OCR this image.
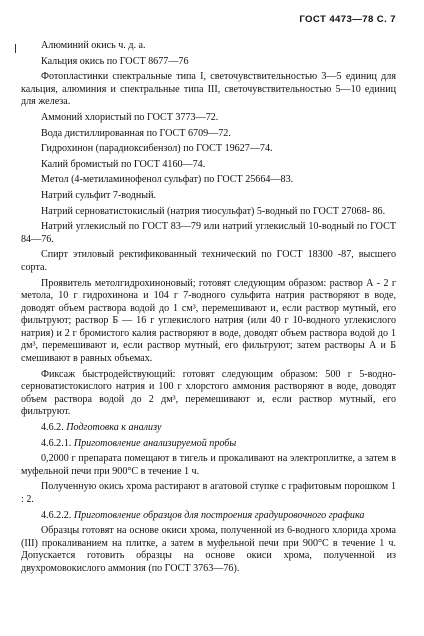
ГОСТ 4473—78 С. 7

Алюминий окись ч. д. а.

Кальция окись по ГОСТ 8677—76

Фотопластинки спектральные типа I, светочувствительностью 3—5 единиц для кальция, алюминия и спектральные типа III, светочувствительностью 5—10 единиц для железа.

Аммоний хлористый по ГОСТ 3773—72.

Вода дистиллированная по ГОСТ 6709—72.

Гидрохинон (парадиоксибензол) по ГОСТ 19627—74.

Калий бромистый по ГОСТ 4160—74.

Метол (4-метиламинофенол сульфат) по ГОСТ 25664—83.

Натрий сульфит 7-водный.

Натрий серноватистокислый (натрия тиосульфат) 5-водный по ГОСТ 27068- 86.

Натрий углекислый по ГОСТ 83—79 или натрий углекислый 10-водный по ГОСТ 84—76.

Спирт этиловый ректификованный технический по ГОСТ 18300 -87, высшего сорта.

Проявитель метолгидрохиноновый; готовят следующим образом: раствор А - 2 г метола, 10 г гидрохинона и 104 г 7-водного сульфита натрия растворяют в воде, доводят объем раствора водой до 1 см³, перемешивают и, если раствор мутный, его фильтруют; раствор Б — 16 г углекислого натрия (или 40 г 10-водного углекислого натрия) и 2 г бромистого калия растворяют в воде, доводят объем раствора водой до 1 дм³, перемешивают и, если раствор мутный, его фильтруют; затем растворы А и Б смешивают в равных объемах.

Фиксаж быстродействующий: готовят следующим образом: 500 г 5-водно-серноватистокислого натрия и 100 г хлорстого аммония растворяют в воде, доводят объем раствора водой до 2 дм³, перемешивают и, если раствор мутный, его фильтруют.

4.6.2. Подготовка к анализу

4.6.2.1. Приготовление анализируемой пробы

0,2000 г препарата помещают в тигель и прокаливают на электроплитке, а затем в муфельной печи при 900°С в течение 1 ч.

Полученную окись хрома растирают в агатовой ступке с графитовым порошком 1 : 2.

4.6.2.2. Приготовление образцов для построения градуировочного графика

Образцы готовят на основе окиси хрома, полученной из 6-водного хлорида хрома (III) прокаливанием на плитке, а затем в муфельной печи при 900°С в течение 1 ч. Допускается готовить образцы на основе окиси хрома, полученной из двухромовокислого аммония (по ГОСТ 3763—76).
